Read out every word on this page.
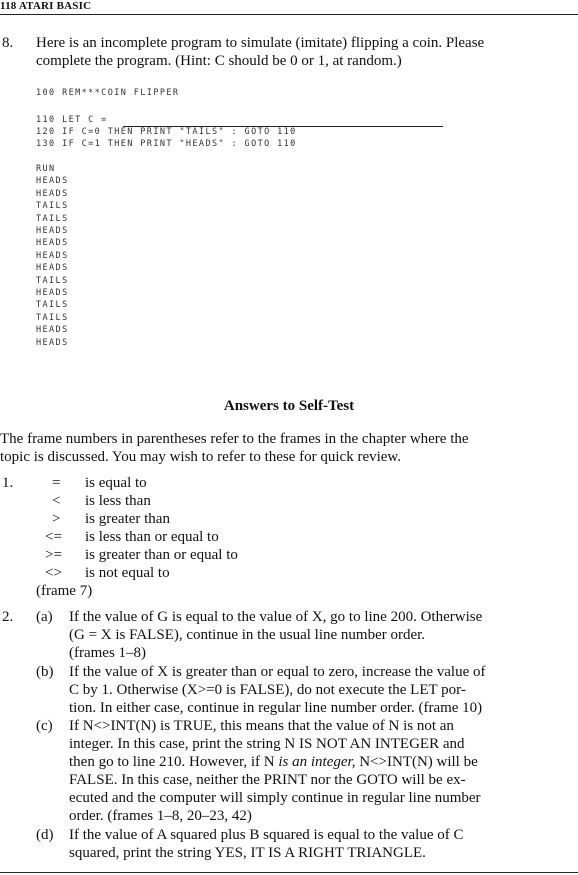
118 ATARI BASIC
8. Here is an incomplete program to simulate (imitate) flipping a coin. Please
complete the program. (Hint: C should be 0 or 1, at random.)
100 REM***COIN FLIPPER
110 LET C =
120 IF C=0 THEN PRINT "TAILS" : GOTO 110
130 IF C=1 THEN PRINT "HEADS" : GOTO 110
RUN
HEADS
HEADS
TAILS
TAILS
HEADS
HEADS
HEADS
HEADS
TAILS
HEADS
TAILS
TAILS
HEADS
HEADS
Answers to Self-Test
The frame numbers in parentheses refer to the frames in the chapter where the
topic is discussed. You may wish to refer to these for quick review.
1.	= is equal to
< is less than
> is greater than
<= is less than or equal to
>= is greater than or equal to
<> is not equal to
(frame 7)
2. (a) If the value of G is equal to the value of X, go to line 200. Otherwise
(G = X is FALSE), continue in the usual line number order.
(frames 1–8)
(b) If the value of X is greater than or equal to zero, increase the value of
C by 1. Otherwise (X>=0 is FALSE), do not execute the LET por-
tion. In either case, continue in regular line number order. (frame 10)
(c) If N<>INT(N) is TRUE, this means that the value of N is not an
integer. In this case, print the string N IS NOT AN INTEGER and
then go to line 210. However, if N is an integer, N<>INT(N) will be
FALSE. In this case, neither the PRINT nor the GOTO will be ex-
ecuted and the computer will simply continue in regular line number
order. (frames 1–8, 20–23, 42)
(d) If the value of A squared plus B squared is equal to the value of C
squared, print the string YES, IT IS A RIGHT TRIANGLE.
